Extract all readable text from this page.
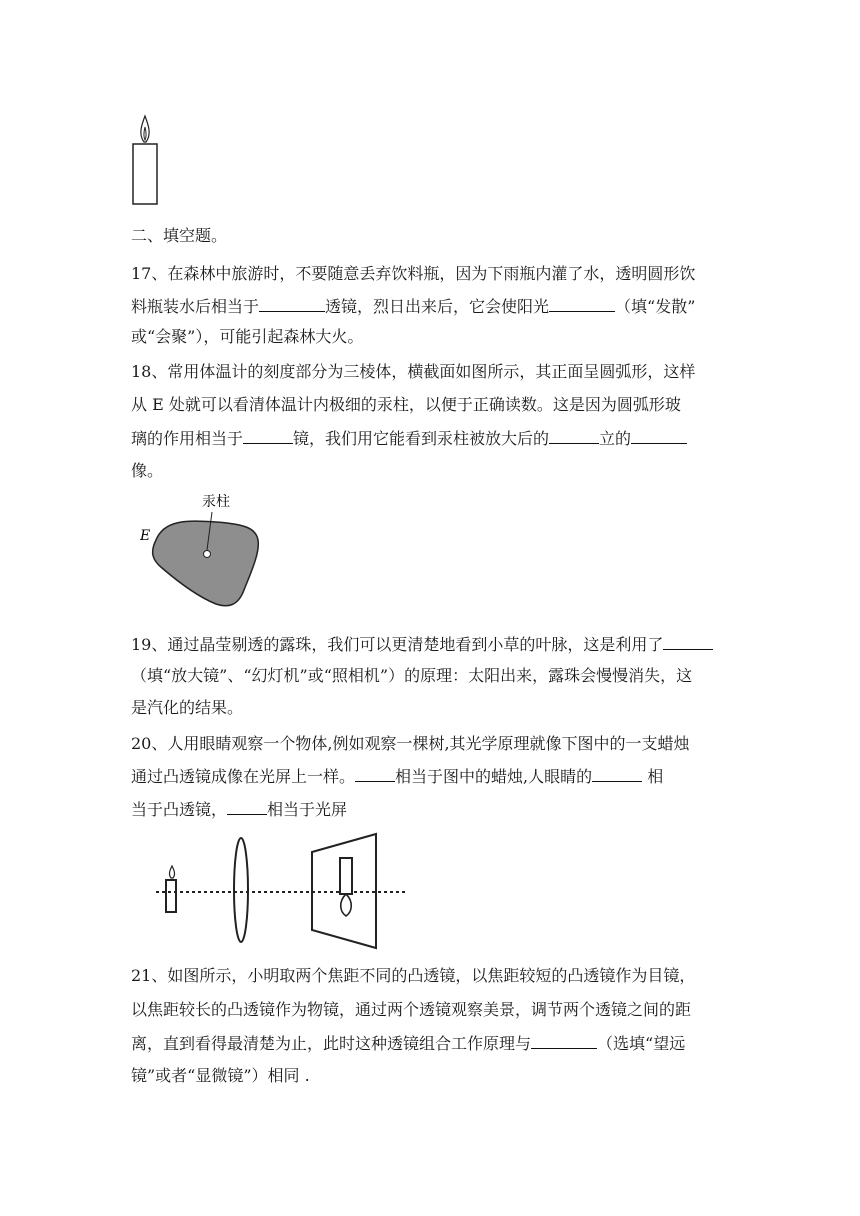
二、填空题。
17、在森林中旅游时，不要随意丢弃饮料瓶，因为下雨瓶内灌了水，透明圆形饮
料瓶装水后相当于	透镜，烈日出来后，它会使阳光	（填“发散”
或“会聚”），可能引起森林大火。
18、常用体温计的刻度部分为三棱体，横截面如图所示，其正面呈圆弧形，这样
从 E 处就可以看清体温计内极细的汞柱，以便于正确读数。这是因为圆弧形玻
璃的作用相当于	镜，我们用它能看到汞柱被放大后的	立的
像。
汞柱
E
19、通过晶莹剔透的露珠，我们可以更清楚地看到小草的叶脉，这是利用了
（填“放大镜”、“幻灯机”或“照相机”）的原理：太阳出来，露珠会慢慢消失，这
是汽化的结果。
20、人用眼睛观察一个物体,例如观察一棵树,其光学原理就像下图中的一支蜡烛
通过凸透镜成像在光屏上一样。	相当于图中的蜡烛,人眼睛的	相
当于凸透镜，	相当于光屏
21、如图所示，小明取两个焦距不同的凸透镜，以焦距较短的凸透镜作为目镜，
以焦距较长的凸透镜作为物镜，通过两个透镜观察美景，调节两个透镜之间的距
离，直到看得最清楚为止，此时这种透镜组合工作原理与	（选填“望远
镜”或者“显微镜”）相同 .
